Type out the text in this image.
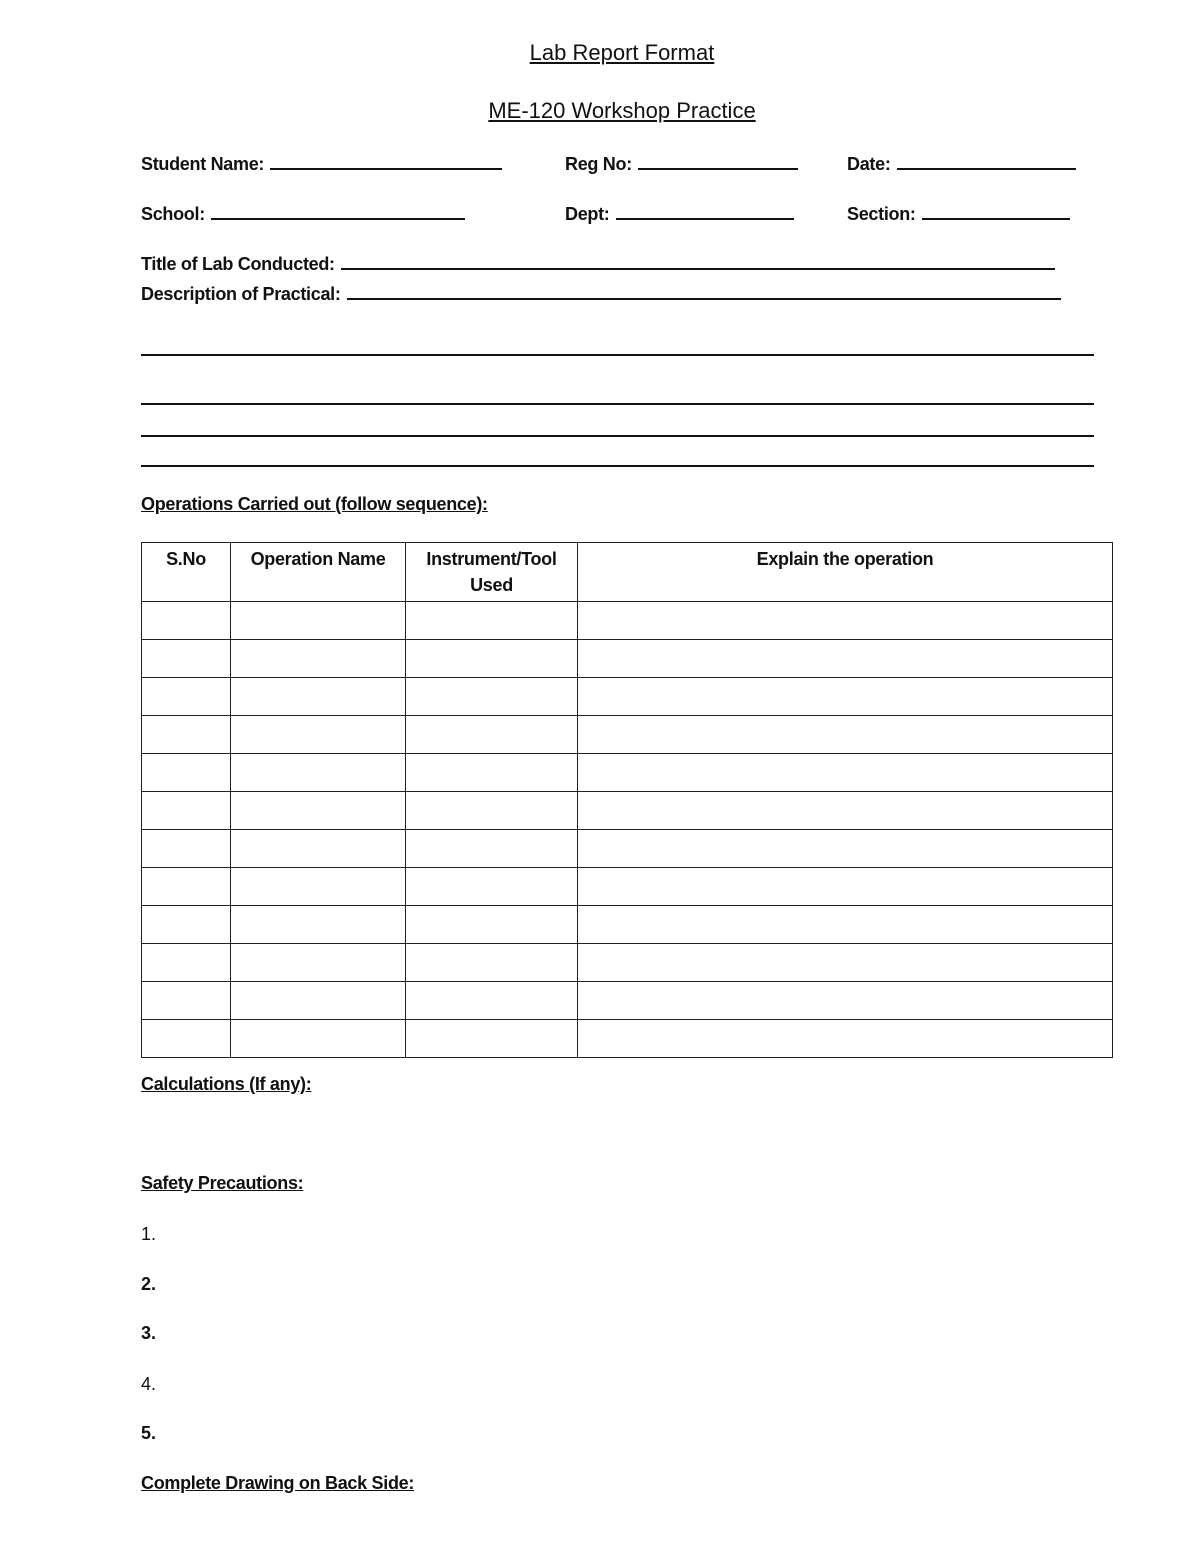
Lab Report Format
ME-120 Workshop Practice
Student Name:	Reg No:	Date:
School:	Dept:	Section:
Title of Lab Conducted:
Description of Practical:
Operations Carried out (follow sequence):
S.No	Operation Name	Instrument/Tool Used	Explain the operation

Calculations (If any):
Safety Precautions:
1.
2.
3.
4.
5.
Complete Drawing on Back Side:
